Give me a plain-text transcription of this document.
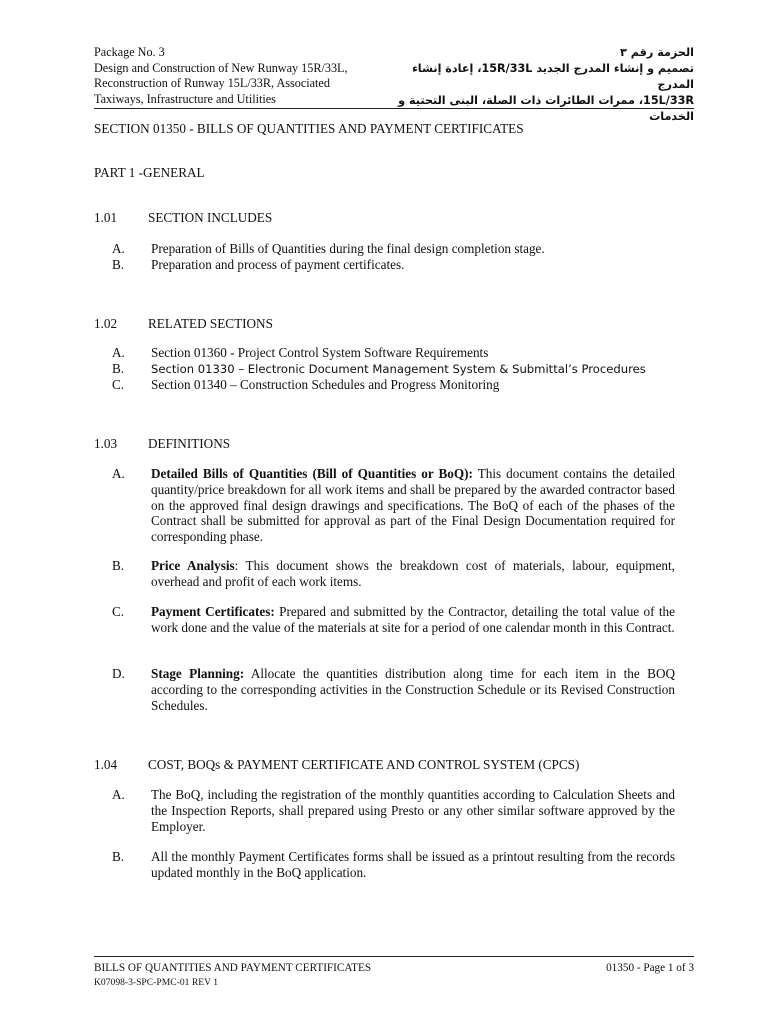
Package No. 3
Design and Construction of New Runway 15R/33L,
Reconstruction of Runway 15L/33R, Associated
Taxiways, Infrastructure and Utilities
الحزمة رقم ٣
تصميم و إنشاء المدرج الجديد 15R/33L، إعادة إنشاء المدرج
15L/33R، ممرات الطائرات ذات الصلة، البنى التحتية و الخدمات
SECTION 01350 - BILLS OF QUANTITIES AND PAYMENT CERTIFICATES
PART 1 -GENERAL
1.01 SECTION INCLUDES
A. Preparation of Bills of Quantities during the final design completion stage.
B. Preparation and process of payment certificates.
1.02 RELATED SECTIONS
A. Section 01360 - Project Control System Software Requirements
B. Section 01330 – Electronic Document Management System & Submittal’s Procedures
C. Section 01340 – Construction Schedules and Progress Monitoring
1.03 DEFINITIONS
A. Detailed Bills of Quantities (Bill of Quantities or BoQ): This document contains the detailed quantity/price breakdown for all work items and shall be prepared by the awarded contractor based on the approved final design drawings and specifications. The BoQ of each of the phases of the Contract shall be submitted for approval as part of the Final Design Documentation required for corresponding phase.
B. Price Analysis: This document shows the breakdown cost of materials, labour, equipment, overhead and profit of each work items.
C. Payment Certificates: Prepared and submitted by the Contractor, detailing the total value of the work done and the value of the materials at site for a period of one calendar month in this Contract.
D. Stage Planning: Allocate the quantities distribution along time for each item in the BOQ according to the corresponding activities in the Construction Schedule or its Revised Construction Schedules.
1.04 COST, BOQs & PAYMENT CERTIFICATE AND CONTROL SYSTEM (CPCS)
A. The BoQ, including the registration of the monthly quantities according to Calculation Sheets and the Inspection Reports, shall prepared using Presto or any other similar software approved by the Employer.
B. All the monthly Payment Certificates forms shall be issued as a printout resulting from the records updated monthly in the BoQ application.
BILLS OF QUANTITIES AND PAYMENT CERTIFICATES	01350 - Page 1 of 3
K07098-3-SPC-PMC-01 REV 1
